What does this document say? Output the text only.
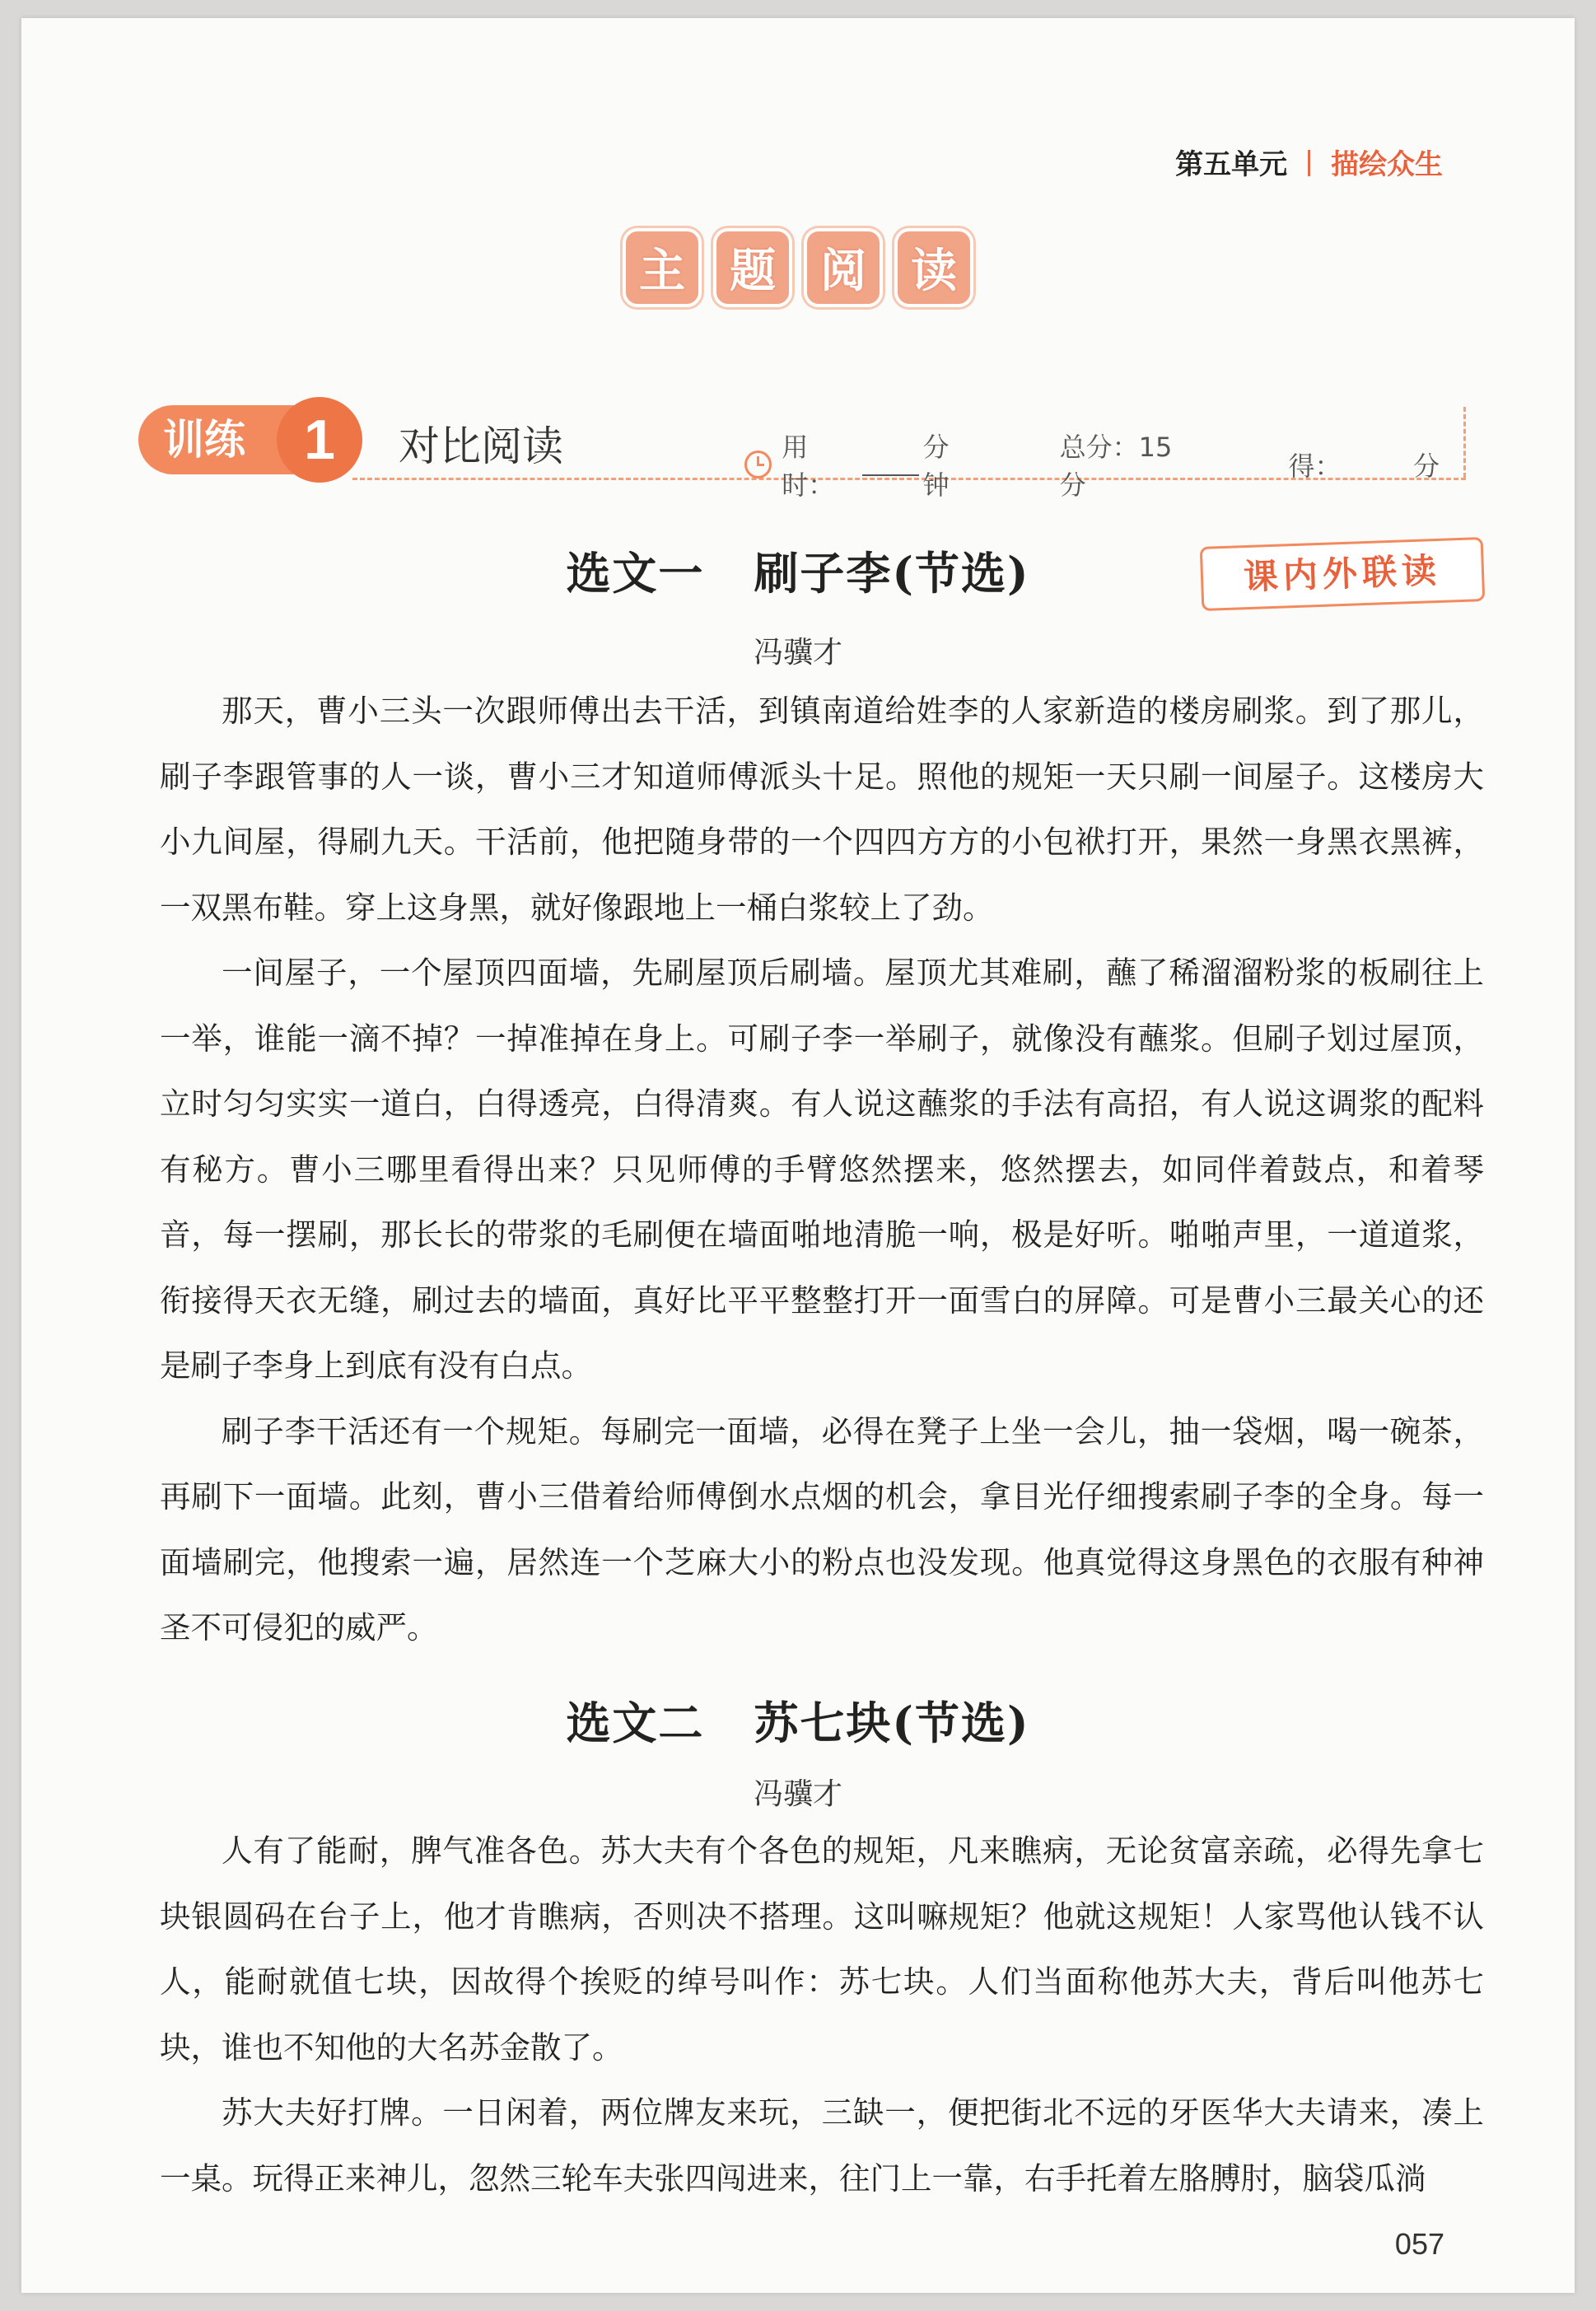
第五单元 | 描绘众生
主 题 阅 读
训练	1	对比阅读	用时：
分钟
总分：15 分
得：	分
选文一 刷子李(节选)	课内外联读
冯骥才

那天，曹小三头一次跟师傅出去干活，到镇南道给姓李的人家新造的楼房刷浆。到了那儿，刷子李跟管事的人一谈，曹小三才知道师傅派头十足。照他的规矩一天只刷一间屋子。这楼房大小九间屋，得刷九天。干活前，他把随身带的一个四四方方的小包袱打开，果然一身黑衣黑裤，一双黑布鞋。穿上这身黑，就好像跟地上一桶白浆较上了劲。

一间屋子，一个屋顶四面墙，先刷屋顶后刷墙。屋顶尤其难刷，蘸了稀溜溜粉浆的板刷往上一举，谁能一滴不掉？一掉准掉在身上。可刷子李一举刷子，就像没有蘸浆。但刷子划过屋顶，立时匀匀实实一道白，白得透亮，白得清爽。有人说这蘸浆的手法有高招，有人说这调浆的配料有秘方。曹小三哪里看得出来？只见师傅的手臂悠然摆来，悠然摆去，如同伴着鼓点，和着琴音，每一摆刷，那长长的带浆的毛刷便在墙面啪地清脆一响，极是好听。啪啪声里，一道道浆，衔接得天衣无缝，刷过去的墙面，真好比平平整整打开一面雪白的屏障。可是曹小三最关心的还是刷子李身上到底有没有白点。

刷子李干活还有一个规矩。每刷完一面墙，必得在凳子上坐一会儿，抽一袋烟，喝一碗茶，再刷下一面墙。此刻，曹小三借着给师傅倒水点烟的机会，拿目光仔细搜索刷子李的全身。每一面墙刷完，他搜索一遍，居然连一个芝麻大小的粉点也没发现。他真觉得这身黑色的衣服有种神圣不可侵犯的威严。

选文二 苏七块(节选)
冯骥才

人有了能耐，脾气准各色。苏大夫有个各色的规矩，凡来瞧病，无论贫富亲疏，必得先拿七块银圆码在台子上，他才肯瞧病，否则决不搭理。这叫嘛规矩？他就这规矩！人家骂他认钱不认人，能耐就值七块，因故得个挨贬的绰号叫作：苏七块。人们当面称他苏大夫，背后叫他苏七块，谁也不知他的大名苏金散了。

苏大夫好打牌。一日闲着，两位牌友来玩，三缺一，便把街北不远的牙医华大夫请来，凑上一桌。玩得正来神儿，忽然三轮车夫张四闯进来，往门上一靠，右手托着左胳膊肘，脑袋瓜淌

057
